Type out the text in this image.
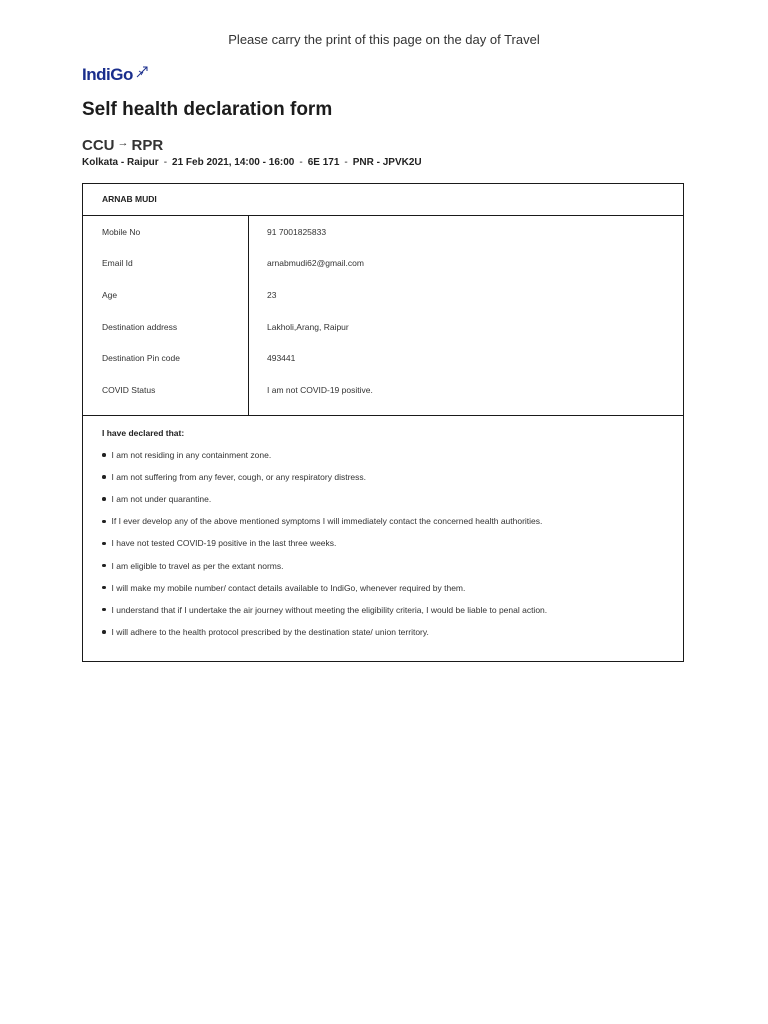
Please carry the print of this page on the day of Travel
IndiGo
Self health declaration form
CCU → RPR
Kolkata - Raipur - 21 Feb 2021, 14:00 - 16:00 - 6E 171 - PNR - JPVK2U
ARNAB MUDI
Mobile No	91 7001825833
Email Id	arnabmudi62@gmail.com
Age	23
Destination address	Lakholi,Arang, Raipur
Destination Pin code	493441
COVID Status	I am not COVID-19 positive.
I have declared that:
I am not residing in any containment zone.
I am not suffering from any fever, cough, or any respiratory distress.
I am not under quarantine.
If I ever develop any of the above mentioned symptoms I will immediately contact the concerned health authorities.
I have not tested COVID-19 positive in the last three weeks.
I am eligible to travel as per the extant norms.
I will make my mobile number/ contact details available to IndiGo, whenever required by them.
I understand that if I undertake the air journey without meeting the eligibility criteria, I would be liable to penal action.
I will adhere to the health protocol prescribed by the destination state/ union territory.
